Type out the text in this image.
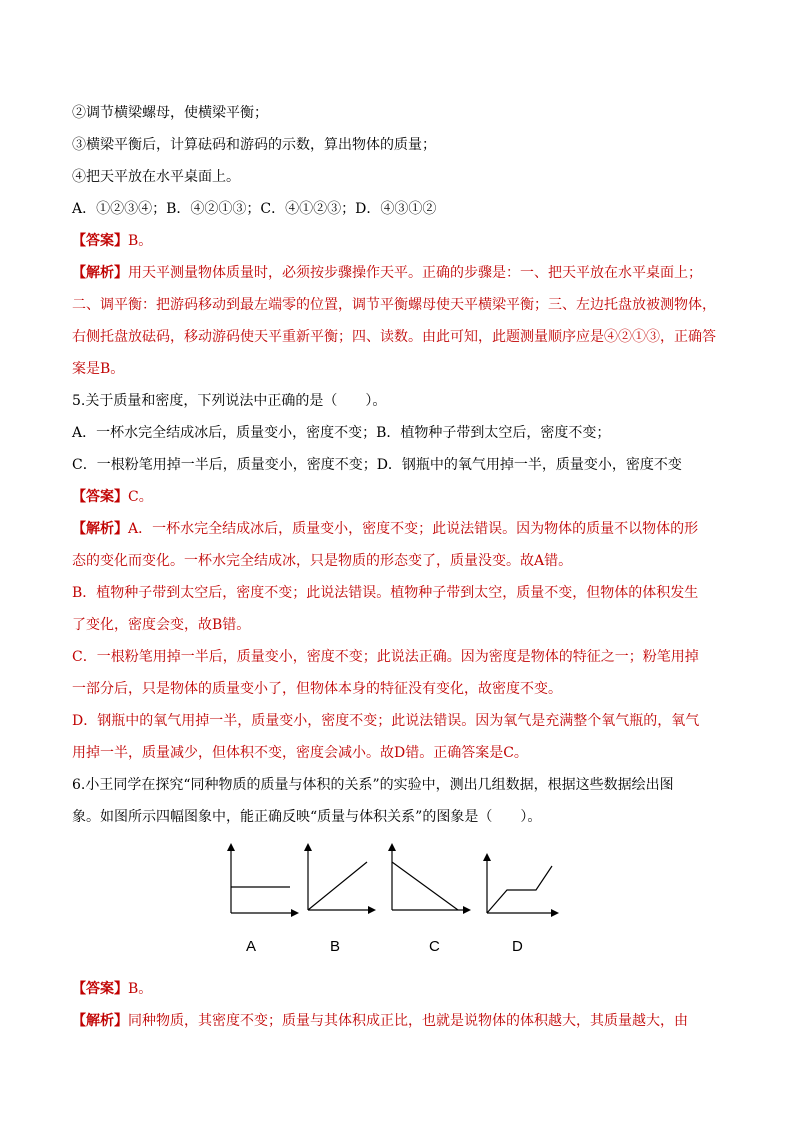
②调节横梁螺母，使横梁平衡；
③横梁平衡后，计算砝码和游码的示数，算出物体的质量；
④把天平放在水平桌面上。
A．①②③④；B．④②①③；C．④①②③；D．④③①②
【答案】B。
【解析】用天平测量物体质量时，必须按步骤操作天平。正确的步骤是：一、把天平放在水平桌面上；
二、调平衡：把游码移动到最左端零的位置，调节平衡螺母使天平横梁平衡；三、左边托盘放被测物体，
右侧托盘放砝码，移动游码使天平重新平衡；四、读数。由此可知，此题测量顺序应是④②①③，正确答
案是B。
5.关于质量和密度，下列说法中正确的是（　　）。
A．一杯水完全结成冰后，质量变小，密度不变；B．植物种子带到太空后，密度不变；
C．一根粉笔用掉一半后，质量变小，密度不变；D．钢瓶中的氧气用掉一半，质量变小，密度不变
【答案】C。
【解析】A．一杯水完全结成冰后，质量变小，密度不变；此说法错误。因为物体的质量不以物体的形
态的变化而变化。一杯水完全结成冰，只是物质的形态变了，质量没变。故A错。
B．植物种子带到太空后，密度不变；此说法错误。植物种子带到太空，质量不变，但物体的体积发生
了变化，密度会变，故B错。
C．一根粉笔用掉一半后，质量变小，密度不变；此说法正确。因为密度是物体的特征之一；粉笔用掉
一部分后，只是物体的质量变小了，但物体本身的特征没有变化，故密度不变。
D．钢瓶中的氧气用掉一半，质量变小，密度不变；此说法错误。因为氧气是充满整个氧气瓶的，氧气
用掉一半，质量减少，但体积不变，密度会减小。故D错。正确答案是C。
6.小王同学在探究“同种物质的质量与体积的关系”的实验中，测出几组数据，根据这些数据绘出图
象。如图所示四幅图象中，能正确反映“质量与体积关系”的图象是（　　）。
A	B	C	D
【答案】B。
【解析】同种物质，其密度不变；质量与其体积成正比，也就是说物体的体积越大，其质量越大，由
